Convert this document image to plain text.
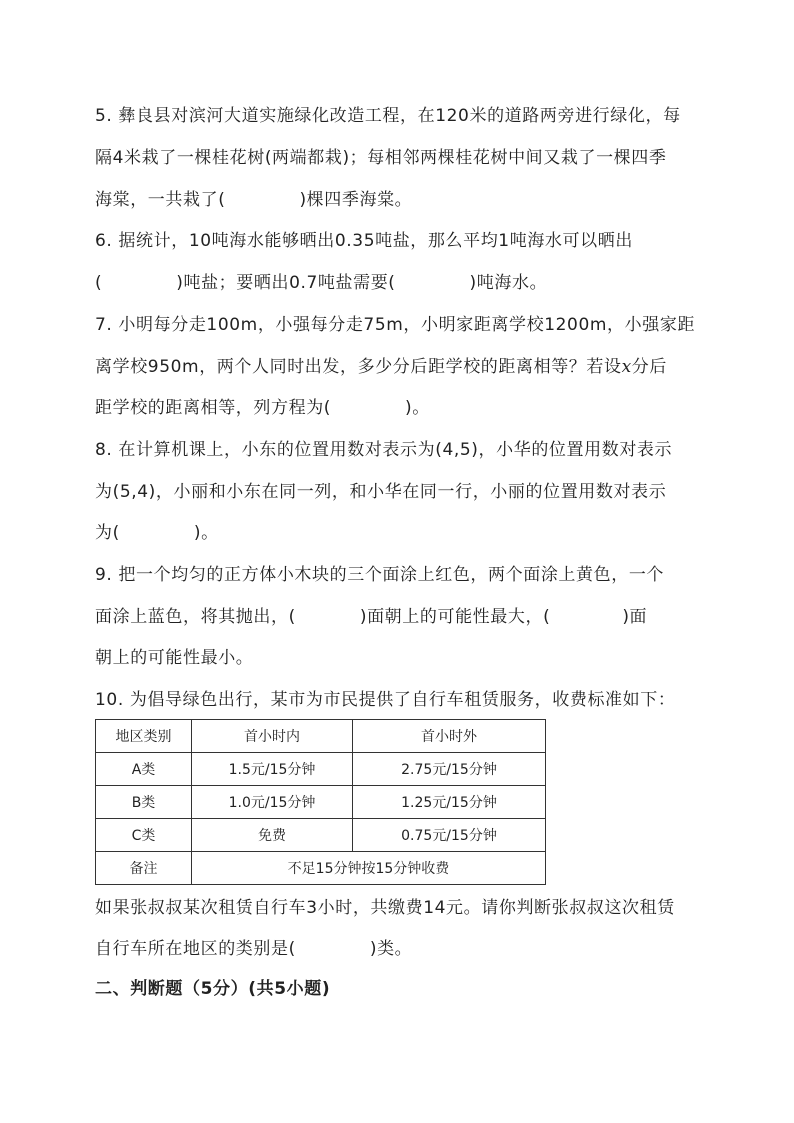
5. 彝良县对滨河大道实施绿化改造工程，在120米的道路两旁进行绿化，每
隔4米栽了一棵桂花树(两端都栽)；每相邻两棵桂花树中间又栽了一棵四季
海棠，一共栽了(	)棵四季海棠。
6. 据统计，10吨海水能够晒出0.35吨盐，那么平均1吨海水可以晒出
(	)吨盐；要晒出0.7吨盐需要(	)吨海水。
7. 小明每分走100m，小强每分走75m，小明家距离学校1200m，小强家距
离学校950m，两个人同时出发，多少分后距学校的距离相等？若设x分后
距学校的距离相等，列方程为(	)。
8. 在计算机课上，小东的位置用数对表示为(4,5)，小华的位置用数对表示
为(5,4)，小丽和小东在同一列，和小华在同一行，小丽的位置用数对表示
为(	)。
9. 把一个均匀的正方体小木块的三个面涂上红色，两个面涂上黄色，一个
面涂上蓝色，将其抛出，(	)面朝上的可能性最大，(	)面
朝上的可能性最小。
10. 为倡导绿色出行，某市为市民提供了自行车租赁服务，收费标准如下：
地区类别	首小时内	首小时外
A类	1.5元/15分钟	2.75元/15分钟
B类	1.0元/15分钟	1.25元/15分钟
C类	免费	0.75元/15分钟
备注	不足15分钟按15分钟收费	
如果张叔叔某次租赁自行车3小时，共缴费14元。请你判断张叔叔这次租赁
自行车所在地区的类别是(	)类。
二、判断题（5分）(共5小题)
